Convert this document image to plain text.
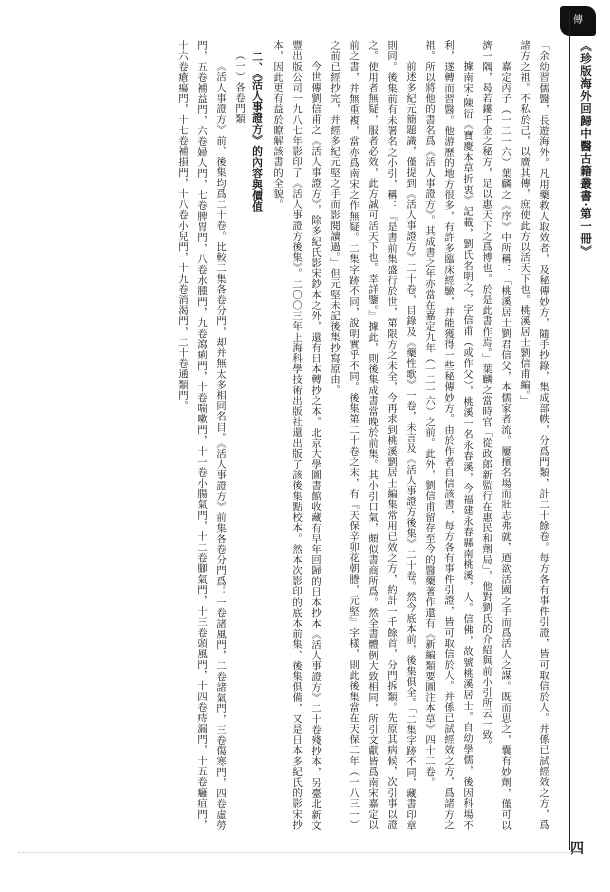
傳
《珍版海外回歸中醫古籍叢書·第一冊》

「余幼習儒醫，長遊海外。凡用藥救人取效者，及秘傳妙方，隨手抄錄，集成部帙，分爲門類，計二十餘卷。每方各有事件引證，皆可取信於人。并係已試經效之方，爲諸方之祖。不私於己，以廣其傳，庶使此方以活天下也。桃溪居士劉信甫編。」

嘉定丙子（一二一六）葉麟之《序》中所稱：「桃溪居士劉君信父，本儒家者流。屢擯名場而壯志弗就，迺欲活國之手而爲活人之謀。既而思之，囊有妙劑，僅可以濟一隅，曷若鏤千金之秘方，足以惠天下之爲博也。於是此書作焉。」葉麟之當時官「從政郎新監行在惠民和劑局」，他對劉氏的介紹與前小引所云一致。

據南宋·陳衍《寶慶本草折衷》記載，劉氏名明之，字信甫（或作父），桃溪一名永春溪，今福建永春縣南桃溪，人。信佛，故號桃溪居士。自幼學儒，後因科場不利，遂轉而習醫。他游歷的地方很多，有許多臨床經驗，并能獲得一些秘傳妙方。由於作者自信該書，每方各有事件引證，皆可取信於人。并係已試經效之方，爲諸方之祖。所以將他的書名爲《活人事證方》。其成書之年亦當在嘉定九年（一二一六）之前。此外，劉信甫留存至今的醫藥著作還有《新編類要圖注本草》四十二卷。

前述多紀元簡題識，僅提到《活人事證方》二十卷，目錄及《藥性歌》一卷，未言及《活人事證方後集》二十卷。然今底本前，後集俱全。「二集字跡不同，藏書印章則同。後集前有未署名之小引，稱：『是書前集盛行於世，第限方之未全，今再求到桃溪劉居士編集常用已效之方，約計一千餘首，分門拆類。先原其病候，次引事以證之。使用者無疑，服者必效，此方誠可活天下也。幸詳鑒。』據此，則後集成書當晚於前集。其小引口氣，頗似書商所爲。然全書體例大致相同，所引文獻皆爲南宋嘉定以前之書，并無重複，當亦爲南宋之作無疑。二集字跡不同，說明實乎不同。後集第二十卷之末，有『天保辛卯花朝謄，元堅』字樣，則此後集當在天保二年（一八三一）之前已經抄完，并經多紀元堅之手而影閱讀過。」但元堅未記後集抄寫原由。

今世傳劉信甫之《活人事證方》，除多紀氏影宋鈔本之外，還有日本轉抄之本。北京大學圖書館收藏有早年回歸的日本抄本《活人事證方》二十卷殘抄本，另臺北新文豐出版公司一九八七年影印了《活人事證方後集》。二〇〇三年上海科學技術出版社還出版了該後集點校本。然本次影印的底本前集、後集俱備，又是日本多紀氏的影宋抄本，因此更有益於瞭解該書的全貌。

二、《活人事證方》的內容與價值

（一）各卷門類

《活人事證方》前、後集均爲二十卷。比較二集各卷分門，却并無太多相同名目。《活人事證方》前集各卷分門爲：一卷諸風門，二卷諸氣門，三卷傷寒門，四卷虛勞門，五卷補益門，六卷婦人門，七卷脾胃門，八卷水腫門，九卷瀉痢門，十卷喘嗽門，十一卷小腸氣門，十二卷腳氣門，十三卷頭風門，十四卷痔漏門，十五卷癰疽門，十六卷瘡瘍門，十七卷補損門，十八卷小兒門，十九卷消渴門，二十卷通類門。

四
